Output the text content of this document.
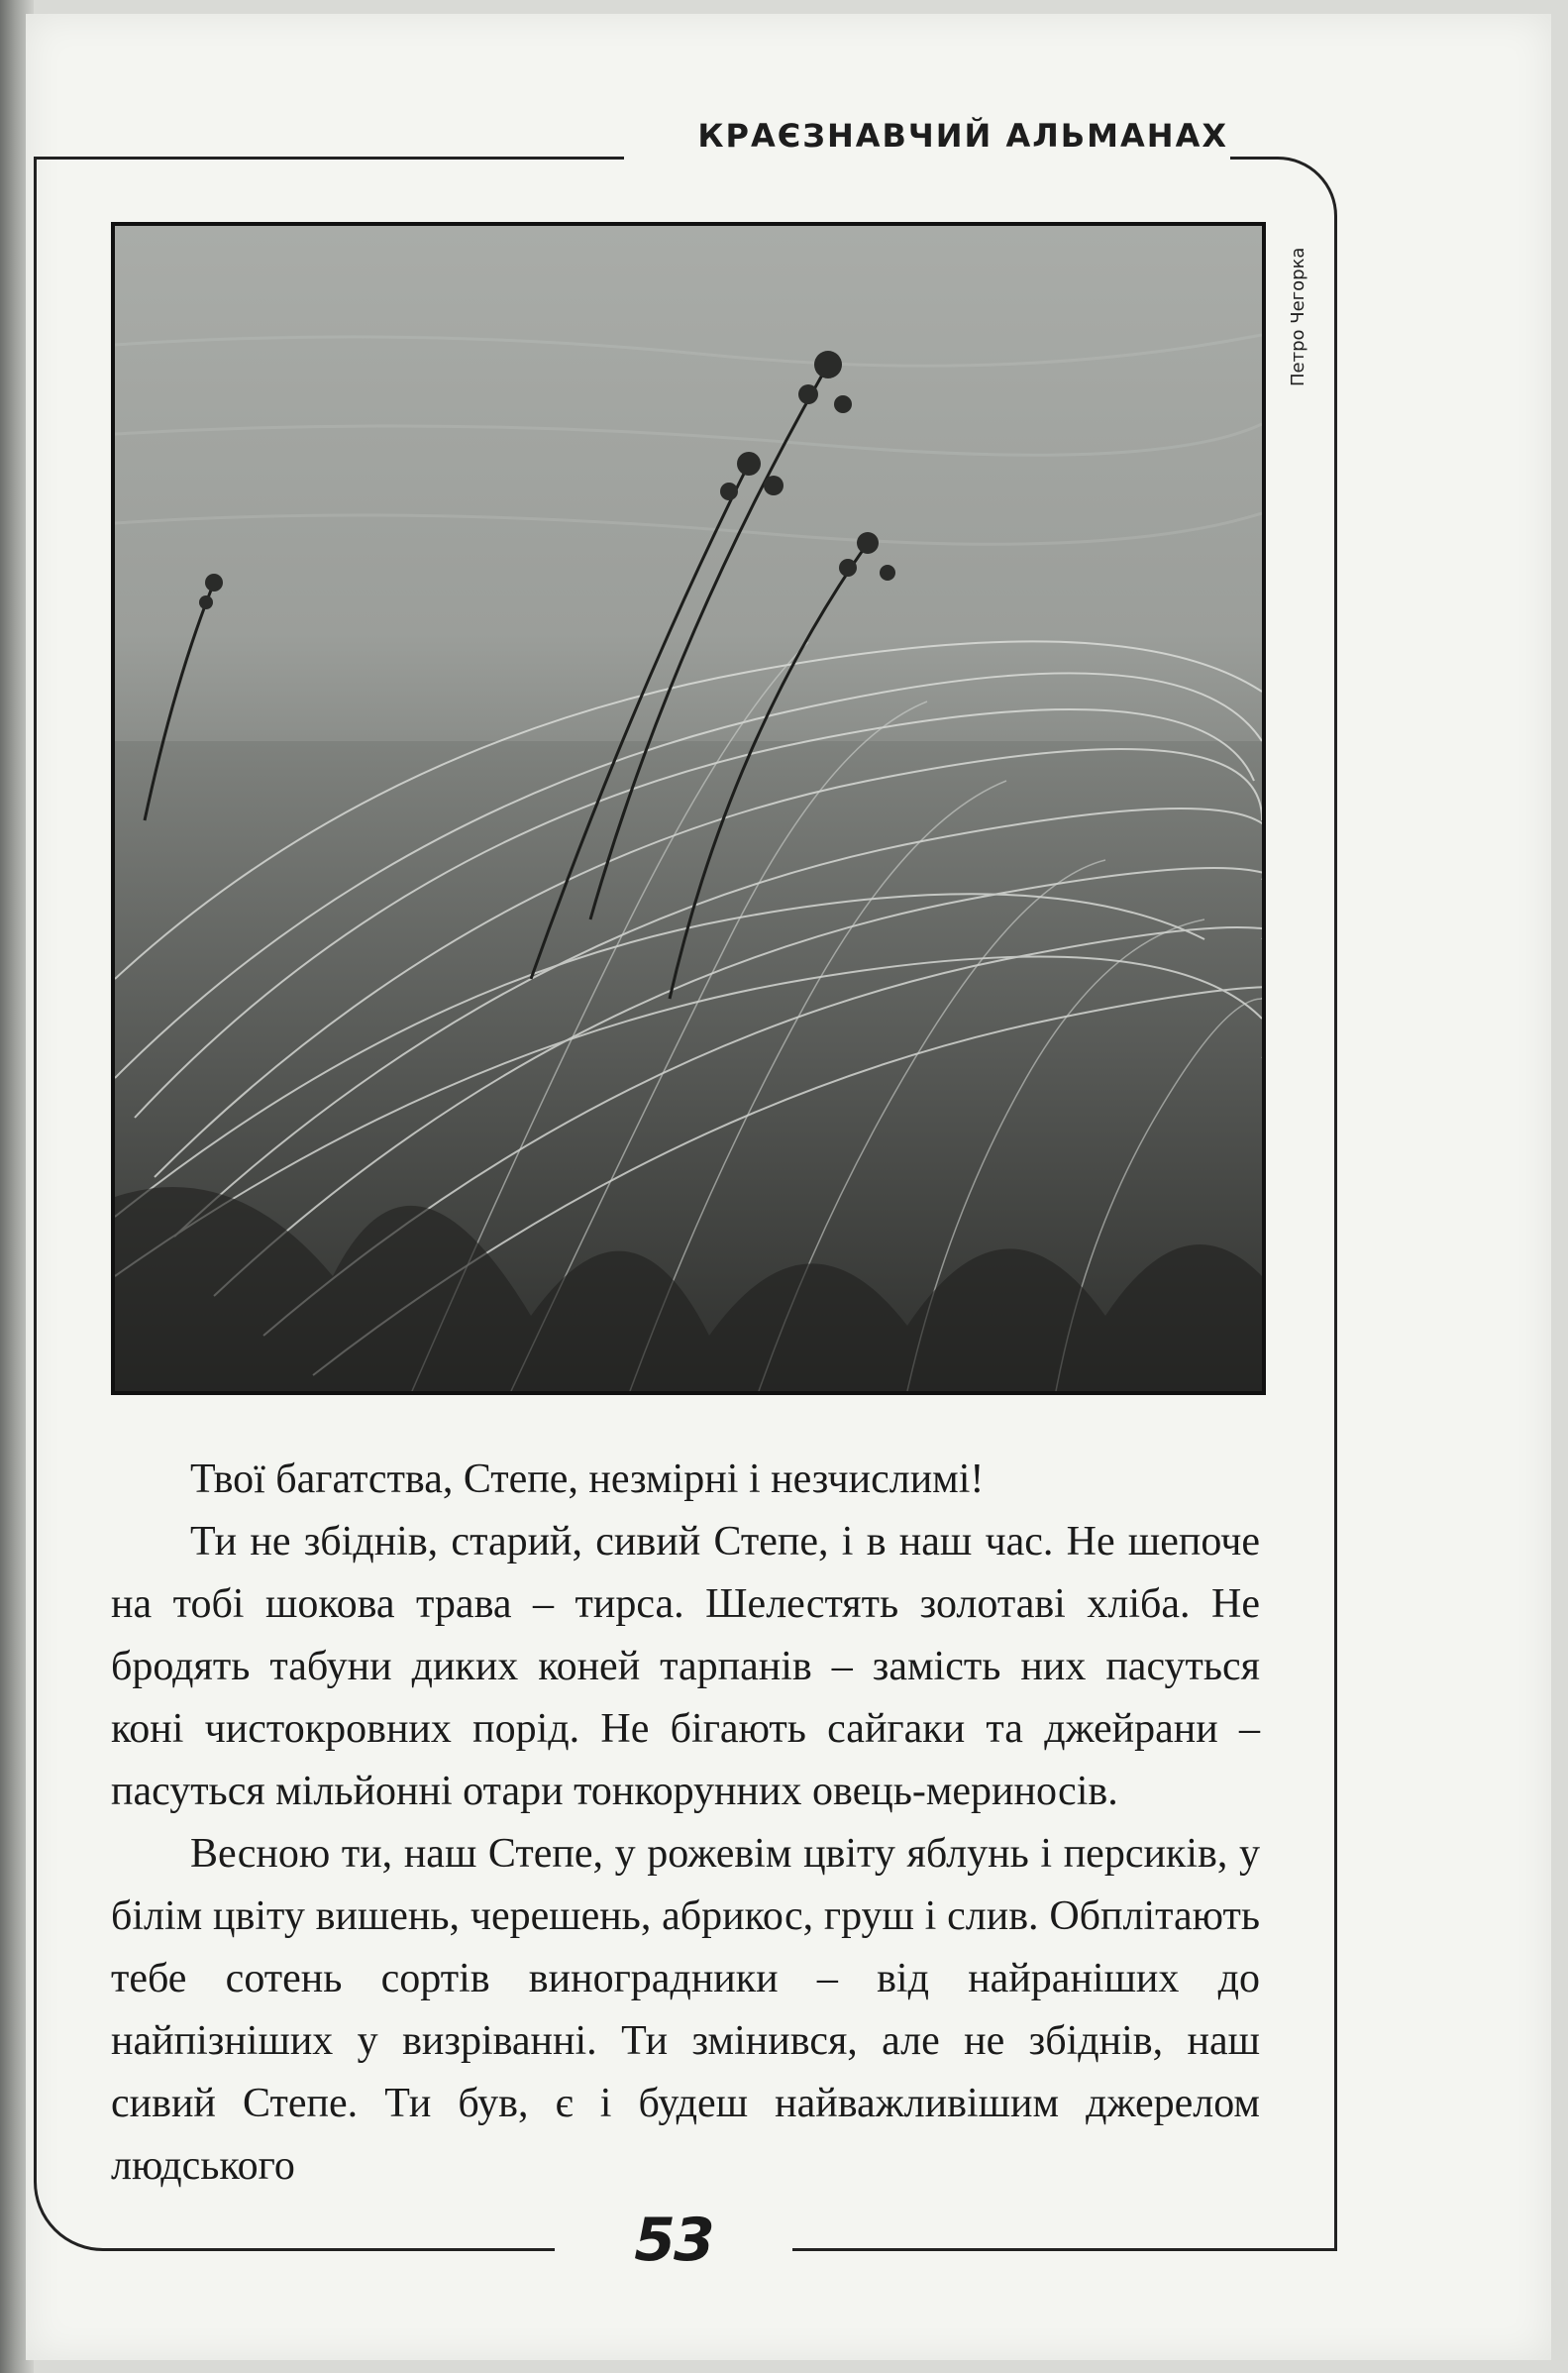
КРАЄЗНАВЧИЙ АЛЬМАНАХ
Петро Чегорка

Твої багатства, Степе, незмірні і незчислимі!

Ти не збіднів, старий, сивий Степе, і в наш час. Не шепоче на тобі шокова трава – тирса. Шелестять золотаві хліба. Не бродять табуни диких коней тарпанів – замість них пасуться коні чистокровних порід. Не бігають сайгаки та джейрани – пасуться мільйонні отари тонкорунних овець-мериносів.

Весною ти, наш Степе, у рожевім цвіту яблунь і персиків, у білім цвіту вишень, черешень, абрикос, груш і слив. Обплітають тебе сотень сортів виноградники – від найраніших до найпізніших у визріванні. Ти змінився, але не збіднів, наш сивий Степе. Ти був, є і будеш найважливішим джерелом людського

53
